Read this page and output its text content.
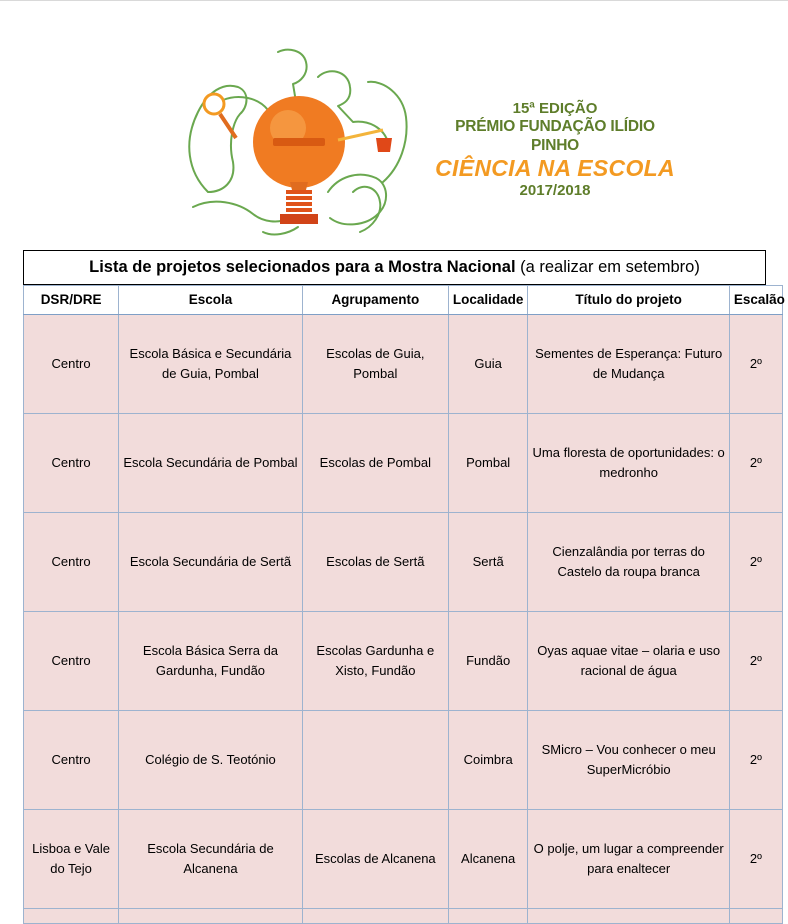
15ª EDIÇÃO
PRÉMIO FUNDAÇÃO ILÍDIO PINHO
CIÊNCIA NA ESCOLA
2017/2018
Lista de projetos selecionados para a Mostra Nacional (a realizar em setembro)
DSR/DRE	Escola	Agrupamento	Localidade	Título do projeto	Escalão
Centro	Escola Básica e Secundária de Guia, Pombal	Escolas de Guia, Pombal	Guia	Sementes de Esperança: Futuro de Mudança	2º
Centro	Escola Secundária de Pombal	Escolas de Pombal	Pombal	Uma floresta de oportunidades: o medronho	2º
Centro	Escola Secundária de Sertã	Escolas de Sertã	Sertã	Cienzalândia por terras do Castelo da roupa branca	2º
Centro	Escola Básica Serra da Gardunha, Fundão	Escolas Gardunha e Xisto, Fundão	Fundão	Oyas aquae vitae – olaria e uso racional de água	2º
Centro	Colégio de S. Teotónio		Coimbra	SMicro – Vou conhecer o meu SuperMicróbio	2º
Lisboa e Vale do Tejo	Escola Secundária de Alcanena	Escolas de Alcanena	Alcanena	O polje, um lugar a compreender para enaltecer	2º
